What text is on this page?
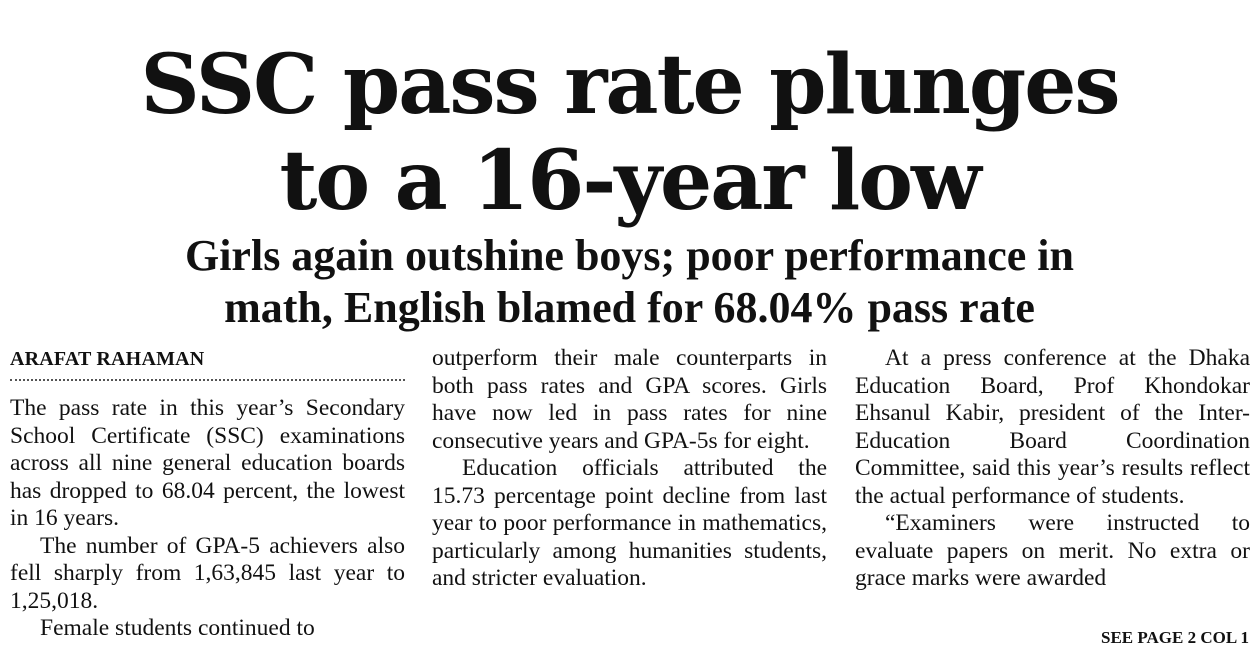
SSC pass rate plunges
to a 16-year low
Girls again outshine boys; poor performance in
math, English blamed for 68.04% pass rate
ARAFAT RAHAMAN

The pass rate in this year’s Secondary School Certificate (SSC) examinations across all nine general education boards has dropped to 68.04 percent, the lowest in 16 years.

The number of GPA-5 achievers also fell sharply from 1,63,845 last year to 1,25,018.

Female students continued to

outperform their male counterparts in both pass rates and GPA scores. Girls have now led in pass rates for nine consecutive years and GPA-5s for eight.

Education officials attributed the 15.73 percentage point decline from last year to poor performance in mathematics, particularly among humanities students, and stricter evaluation.

At a press conference at the Dhaka Education Board, Prof Khondokar Ehsanul Kabir, president of the Inter-Education Board Coordination Committee, said this year’s results reflect the actual performance of students.

“Examiners were instructed to evaluate papers on merit. No extra or grace marks were awarded

SEE PAGE 2 COL 1
